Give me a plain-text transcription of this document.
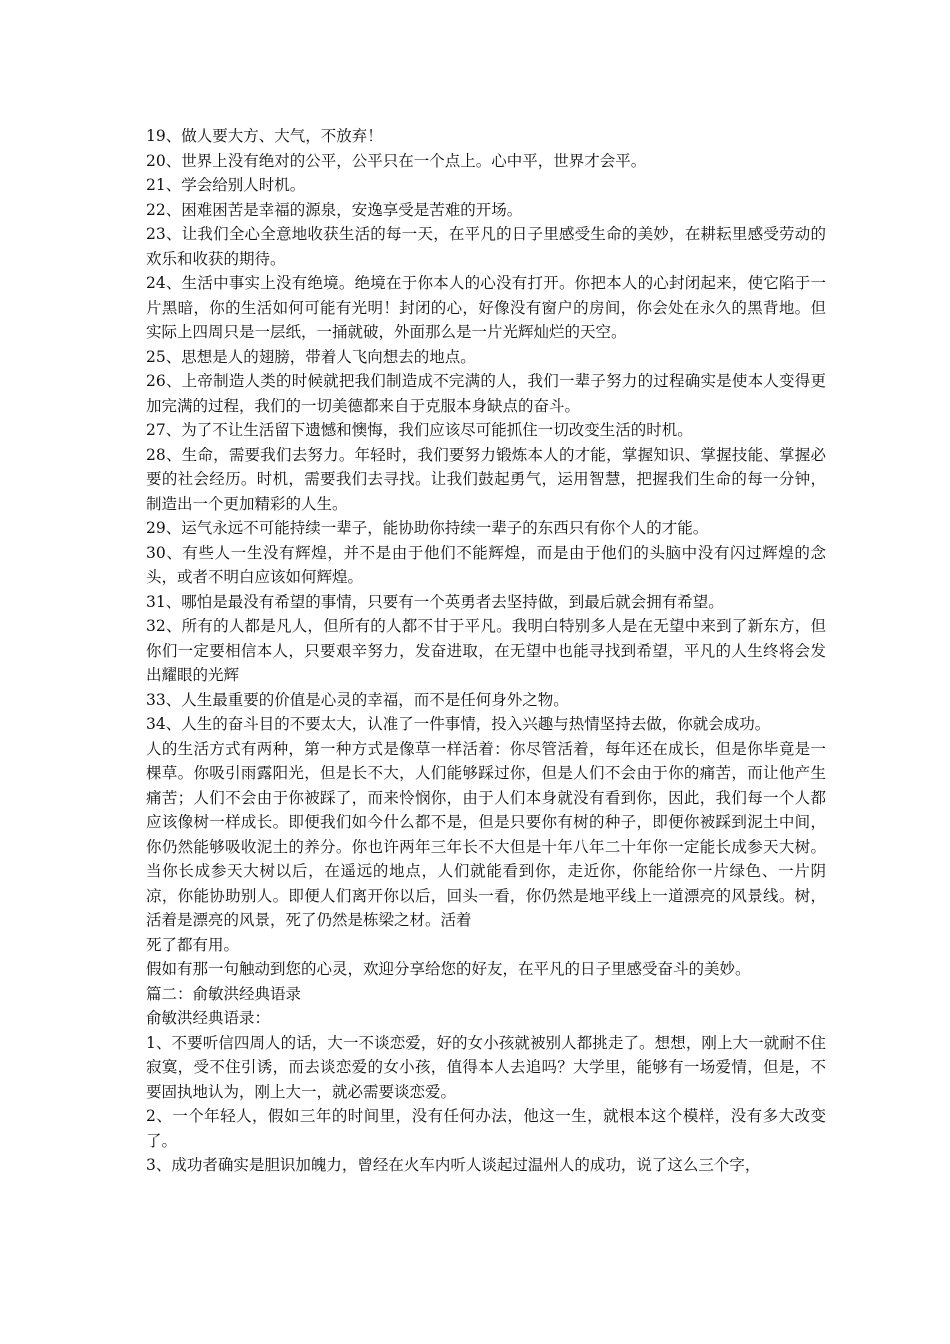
19、做人要大方、大气，不放弃！

20、世界上没有绝对的公平，公平只在一个点上。心中平，世界才会平。

21、学会给别人时机。

22、困难困苦是幸福的源泉，安逸享受是苦难的开场。

23、让我们全心全意地收获生活的每一天，在平凡的日子里感受生命的美妙，在耕耘里感受劳动的欢乐和收获的期待。

24、生活中事实上没有绝境。绝境在于你本人的心没有打开。你把本人的心封闭起来，使它陷于一片黑暗，你的生活如何可能有光明！封闭的心，好像没有窗户的房间，你会处在永久的黑背地。但实际上四周只是一层纸，一捅就破，外面那么是一片光辉灿烂的天空。

25、思想是人的翅膀，带着人飞向想去的地点。

26、上帝制造人类的时候就把我们制造成不完满的人，我们一辈子努力的过程确实是使本人变得更加完满的过程，我们的一切美德都来自于克服本身缺点的奋斗。

27、为了不让生活留下遗憾和懊悔，我们应该尽可能抓住一切改变生活的时机。

28、生命，需要我们去努力。年轻时，我们要努力锻炼本人的才能，掌握知识、掌握技能、掌握必要的社会经历。时机，需要我们去寻找。让我们鼓起勇气，运用智慧，把握我们生命的每一分钟，制造出一个更加精彩的人生。

29、运气永远不可能持续一辈子，能协助你持续一辈子的东西只有你个人的才能。

30、有些人一生没有辉煌，并不是由于他们不能辉煌，而是由于他们的头脑中没有闪过辉煌的念头，或者不明白应该如何辉煌。

31、哪怕是最没有希望的事情，只要有一个英勇者去坚持做，到最后就会拥有希望。

32、所有的人都是凡人，但所有的人都不甘于平凡。我明白特别多人是在无望中来到了新东方，但你们一定要相信本人，只要艰辛努力，发奋进取，在无望中也能寻找到希望，平凡的人生终将会发出耀眼的光辉

33、人生最重要的价值是心灵的幸福，而不是任何身外之物。

34、人生的奋斗目的不要太大，认准了一件事情，投入兴趣与热情坚持去做，你就会成功。

人的生活方式有两种，第一种方式是像草一样活着：你尽管活着，每年还在成长，但是你毕竟是一棵草。你吸引雨露阳光，但是长不大，人们能够踩过你，但是人们不会由于你的痛苦，而让他产生痛苦；人们不会由于你被踩了，而来怜悯你，由于人们本身就没有看到你，因此，我们每一个人都应该像树一样成长。即便我们如今什么都不是，但是只要你有树的种子，即便你被踩到泥土中间，你仍然能够吸收泥土的养分。你也许两年三年长不大但是十年八年二十年你一定能长成参天大树。当你长成参天大树以后，在遥远的地点，人们就能看到你，走近你，你能给你一片绿色、一片阴凉，你能协助别人。即便人们离开你以后，回头一看，你仍然是地平线上一道漂亮的风景线。树，活着是漂亮的风景，死了仍然是栋梁之材。活着

死了都有用。

假如有那一句触动到您的心灵，欢迎分享给您的好友，在平凡的日子里感受奋斗的美妙。

篇二：俞敏洪经典语录

俞敏洪经典语录：

1、不要听信四周人的话，大一不谈恋爱，好的女小孩就被别人都挑走了。想想，刚上大一就耐不住寂寞，受不住引诱，而去谈恋爱的女小孩，值得本人去追吗？大学里，能够有一场爱情，但是，不要固执地认为，刚上大一，就必需要谈恋爱。

2、一个年轻人，假如三年的时间里，没有任何办法，他这一生，就根本这个模样，没有多大改变了。

3、成功者确实是胆识加魄力，曾经在火车内听人谈起过温州人的成功，说了这么三个字，
